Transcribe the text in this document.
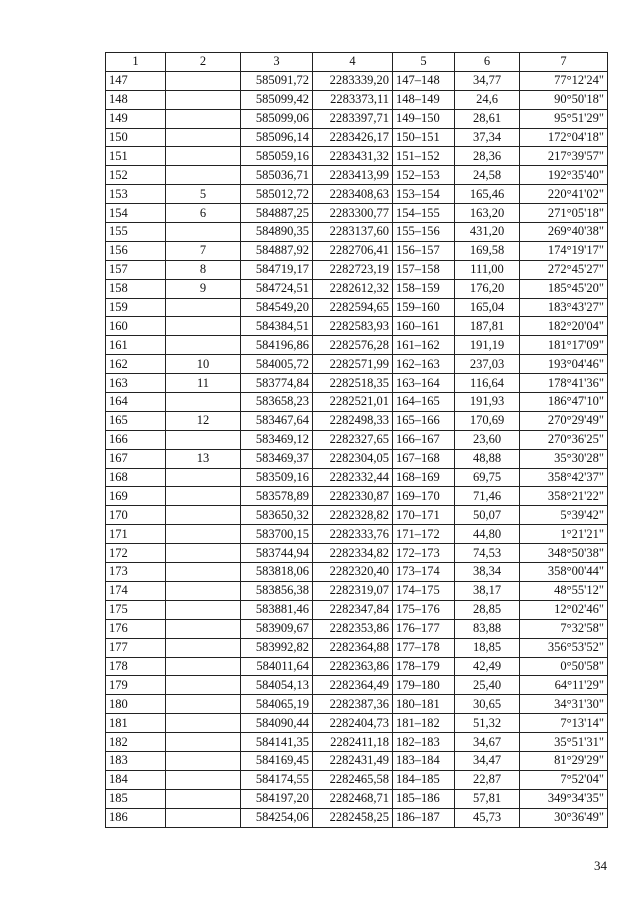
1	2	3	4	5	6	7
147		585091,72	2283339,20	147–148	34,77	77°12'24"
148		585099,42	2283373,11	148–149	24,6	90°50'18"
149		585099,06	2283397,71	149–150	28,61	95°51'29"
150		585096,14	2283426,17	150–151	37,34	172°04'18"
151		585059,16	2283431,32	151–152	28,36	217°39'57"
152		585036,71	2283413,99	152–153	24,58	192°35'40"
153	5	585012,72	2283408,63	153–154	165,46	220°41'02"
154	6	584887,25	2283300,77	154–155	163,20	271°05'18"
155		584890,35	2283137,60	155–156	431,20	269°40'38"
156	7	584887,92	2282706,41	156–157	169,58	174°19'17"
157	8	584719,17	2282723,19	157–158	111,00	272°45'27"
158	9	584724,51	2282612,32	158–159	176,20	185°45'20"
159		584549,20	2282594,65	159–160	165,04	183°43'27"
160		584384,51	2282583,93	160–161	187,81	182°20'04"
161		584196,86	2282576,28	161–162	191,19	181°17'09"
162	10	584005,72	2282571,99	162–163	237,03	193°04'46"
163	11	583774,84	2282518,35	163–164	116,64	178°41'36"
164		583658,23	2282521,01	164–165	191,93	186°47'10"
165	12	583467,64	2282498,33	165–166	170,69	270°29'49"
166		583469,12	2282327,65	166–167	23,60	270°36'25"
167	13	583469,37	2282304,05	167–168	48,88	35°30'28"
168		583509,16	2282332,44	168–169	69,75	358°42'37"
169		583578,89	2282330,87	169–170	71,46	358°21'22"
170		583650,32	2282328,82	170–171	50,07	5°39'42"
171		583700,15	2282333,76	171–172	44,80	1°21'21"
172		583744,94	2282334,82	172–173	74,53	348°50'38"
173		583818,06	2282320,40	173–174	38,34	358°00'44"
174		583856,38	2282319,07	174–175	38,17	48°55'12"
175		583881,46	2282347,84	175–176	28,85	12°02'46"
176		583909,67	2282353,86	176–177	83,88	7°32'58"
177		583992,82	2282364,88	177–178	18,85	356°53'52"
178		584011,64	2282363,86	178–179	42,49	0°50'58"
179		584054,13	2282364,49	179–180	25,40	64°11'29"
180		584065,19	2282387,36	180–181	30,65	34°31'30"
181		584090,44	2282404,73	181–182	51,32	7°13'14"
182		584141,35	2282411,18	182–183	34,67	35°51'31"
183		584169,45	2282431,49	183–184	34,47	81°29'29"
184		584174,55	2282465,58	184–185	22,87	7°52'04"
185		584197,20	2282468,71	185–186	57,81	349°34'35"
186		584254,06	2282458,25	186–187	45,73	30°36'49"
34
